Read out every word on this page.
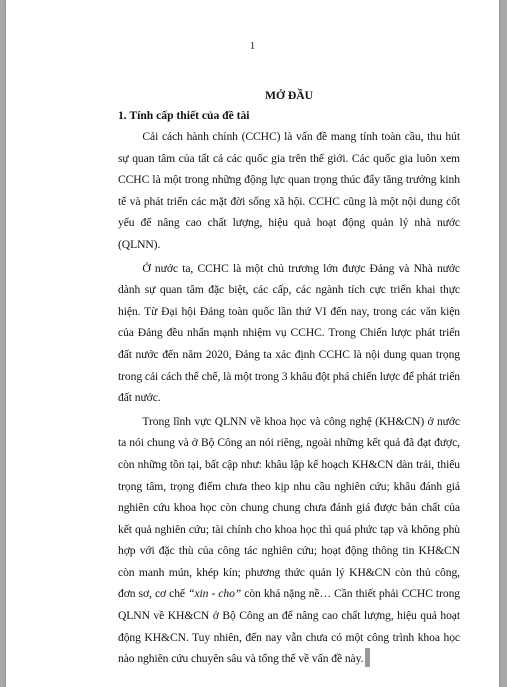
1

MỞ ĐẦU

1. Tính cấp thiết của đề tài

Cải cách hành chính (CCHC) là vấn đề mang tính toàn cầu, thu hút sự quan tâm của tất cả các quốc gia trên thế giới. Các quốc gia luôn xem CCHC là một trong những động lực quan trọng thúc đẩy tăng trưởng kinh tế và phát triển các mặt đời sống xã hội. CCHC cũng là một nội dung cốt yếu để nâng cao chất lượng, hiệu quả hoạt động quản lý nhà nước (QLNN).

Ở nước ta, CCHC là một chủ trương lớn được Đảng và Nhà nước dành sự quan tâm đặc biệt, các cấp, các ngành tích cực triển khai thực hiện. Từ Đại hội Đảng toàn quốc lần thứ VI đến nay, trong các văn kiện của Đảng đều nhấn mạnh nhiệm vụ CCHC. Trong Chiến lược phát triển đất nước đến năm 2020, Đảng ta xác định CCHC là nội dung quan trọng trong cải cách thể chế, là một trong 3 khâu đột phá chiến lược để phát triển đất nước.

Trong lĩnh vực QLNN về khoa học và công nghệ (KH&CN) ở nước ta nói chung và ở Bộ Công an nói riêng, ngoài những kết quả đã đạt được, còn những tồn tại, bất cập như: khâu lập kế hoạch KH&CN dàn trải, thiếu trọng tâm, trọng điểm chưa theo kịp nhu cầu nghiên cứu; khâu đánh giá nghiên cứu khoa học còn chung chung chưa đánh giá được bản chất của kết quả nghiên cứu; tài chính cho khoa học thì quá phức tạp và không phù hợp với đặc thù của công tác nghiên cứu; hoạt động thông tin KH&CN còn manh mún, khép kín; phương thức quản lý KH&CN còn thủ công, đơn sơ, cơ chế “xin - cho” còn khá nặng nề… Cần thiết phải CCHC trong QLNN về KH&CN ở Bộ Công an để nâng cao chất lượng, hiệu quả hoạt động KH&CN. Tuy nhiên, đến nay vẫn chưa có một công trình khoa học nào nghiên cứu chuyên sâu và tổng thể về vấn đề này.
